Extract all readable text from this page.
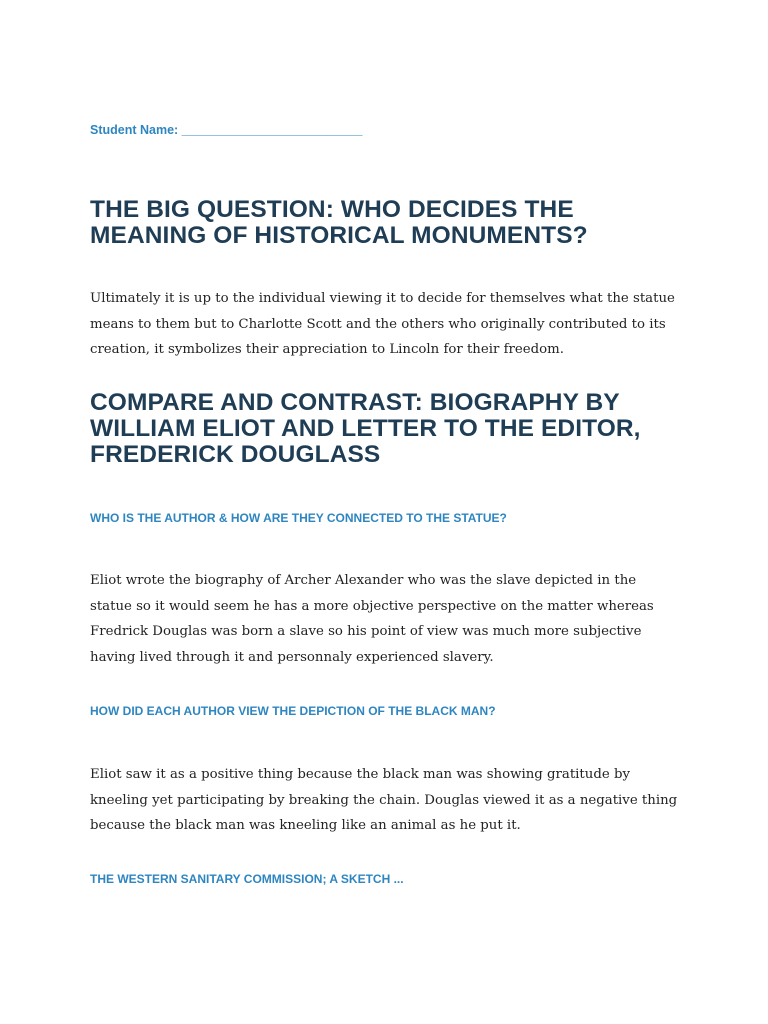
Student Name: __________________________
THE BIG QUESTION: WHO DECIDES THE MEANING OF HISTORICAL MONUMENTS?

Ultimately it is up to the individual viewing it to decide for themselves what the statue means to them but to Charlotte Scott and the others who originally contributed to its creation, it symbolizes their appreciation to Lincoln for their freedom.

COMPARE AND CONTRAST: BIOGRAPHY BY WILLIAM ELIOT AND LETTER TO THE EDITOR, FREDERICK DOUGLASS
WHO IS THE AUTHOR & HOW ARE THEY CONNECTED TO THE STATUE?

Eliot wrote the biography of Archer Alexander who was the slave depicted in the statue so it would seem he has a more objective perspective on the matter whereas Fredrick Douglas was born a slave so his point of view was much more subjective having lived through it and personnaly experienced slavery.

HOW DID EACH AUTHOR VIEW THE DEPICTION OF THE BLACK MAN?

Eliot saw it as a positive thing because the black man was showing gratitude by kneeling yet participating by breaking the chain. Douglas viewed it as a negative thing because the black man was kneeling like an animal as he put it.

THE WESTERN SANITARY COMMISSION; A SKETCH ...
